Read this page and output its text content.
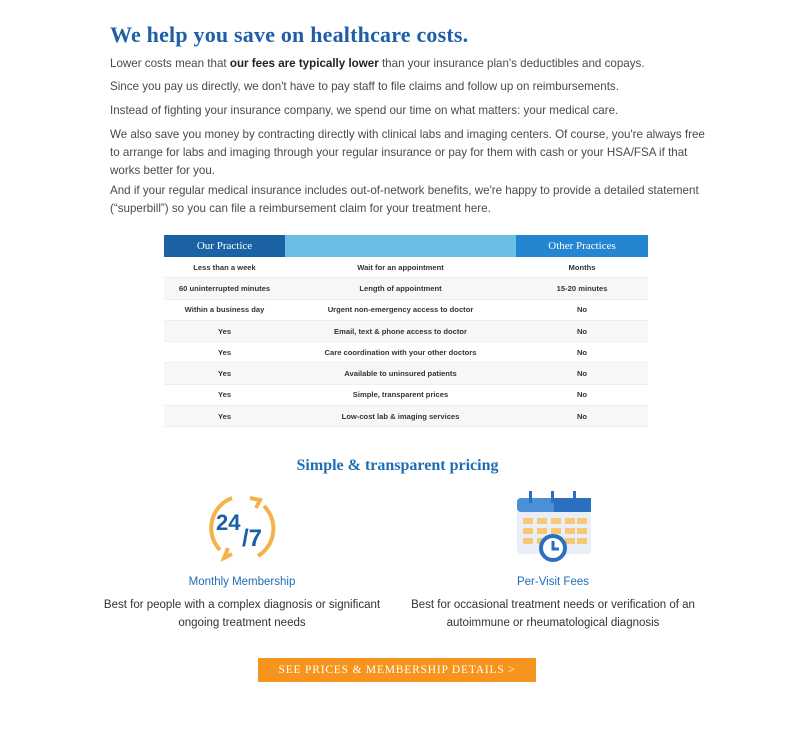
We help you save on healthcare costs.

Lower costs mean that our fees are typically lower than your insurance plan's deductibles and copays.

Since you pay us directly, we don't have to pay staff to file claims and follow up on reimbursements.

Instead of fighting your insurance company, we spend our time on what matters: your medical care.

We also save you money by contracting directly with clinical labs and imaging centers. Of course, you're always free to arrange for labs and imaging through your regular insurance or pay for them with cash or your HSA/FSA if that works better for you.

And if your regular medical insurance includes out-of-network benefits, we're happy to provide a detailed statement (“superbill”) so you can file a reimbursement claim for your treatment here.

Our Practice		Other Practices
Less than a week	Wait for an appointment	Months
60 uninterrupted minutes	Length of appointment	15-20 minutes
Within a business day	Urgent non-emergency access to doctor	No
Yes	Email, text & phone access to doctor	No
Yes	Care coordination with your other doctors	No
Yes	Available to uninsured patients	No
Yes	Simple, transparent prices	No
Yes	Low-cost lab & imaging services	No
Simple & transparent pricing
24
/7
Monthly Membership
Best for people with a complex diagnosis or significant ongoing treatment needs
Per-Visit Fees
Best for occasional treatment needs or verification of an autoimmune or rheumatological diagnosis
SEE PRICES & MEMBERSHIP DETAILS >
